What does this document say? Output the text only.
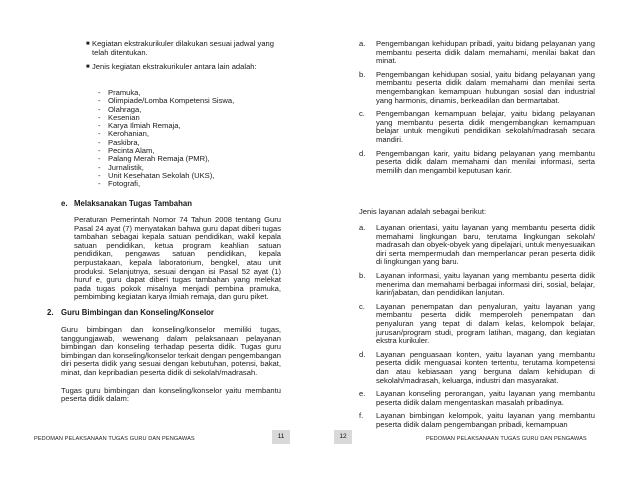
■ Kegiatan ekstrakurikuler dilakukan sesuai jadwal yang telah ditentukan.

■ Jenis kegiatan ekstrakurikuler antara lain adalah:

- Pramuka,
- Olimpiade/Lomba Kompetensi Siswa,
- Olahraga,
- Kesenian
- Karya Ilmiah Remaja,
- Kerohanian,
- Paskibra,
- Pecinta Alam,
- Palang Merah Remaja (PMR),
- Jurnalistik,
- Unit Kesehatan Sekolah (UKS),
- Fotografi,
e. Melaksanakan Tugas Tambahan

Peraturan Pemerintah Nomor 74 Tahun 2008 tentang Guru Pasal 24 ayat (7) menyatakan bahwa guru dapat diberi tugas tambahan sebagai kepala satuan pendidikan, wakil kepala satuan pendidikan, ketua program keahlian satuan pendidikan, pengawas satuan pendidikan, kepala perpustakaan, kepala laboratorium, bengkel, atau unit produksi. Selanjutnya, sesuai dengan isi Pasal 52 ayat (1) huruf e, guru dapat diberi tugas tambahan yang melekat pada tugas pokok misalnya menjadi pembina pramuka, pembimbing kegiatan karya ilmiah remaja, dan guru piket.

2. Guru Bimbingan dan Konseling/Konselor

Guru bimbingan dan konseling/konselor memiliki tugas, tanggungjawab, wewenang dalam pelaksanaan pelayanan bimbingan dan konseling terhadap peserta didik. Tugas guru bimbingan dan konseling/konselor terkait dengan pengembangan diri peserta didik yang sesuai dengan kebutuhan, potensi, bakat, minat, dan kepribadian peserta didik di sekolah/madrasah.

Tugas guru bimbingan dan konseling/konselor yaitu membantu peserta didik dalam:

PEDOMAN PELAKSANAAN TUGAS GURU DAN PENGAWAS	11	12
a.	Pengembangan kehidupan pribadi, yaitu bidang pelayanan yang membantu peserta didik dalam memahami, menilai bakat dan minat.

b.	Pengembangan kehidupan sosial, yaitu bidang pelayanan yang membantu peserta didik dalam memahami dan menilai serta mengembangkan kemampuan hubungan sosial dan industrial yang harmonis, dinamis, berkeadilan dan bermartabat.

c.	Pengembangan kemampuan belajar, yaitu bidang pelayanan yang membantu peserta didik mengembangkan kemampuan belajar untuk mengikuti pendidikan sekolah/madrasah secara mandiri.

d.	Pengembangan karir, yaitu bidang pelayanan yang membantu peserta didik dalam memahami dan menilai informasi, serta memilih dan mengambil keputusan karir.

Jenis layanan adalah sebagai berikut:

a.	Layanan orientasi, yaitu layanan yang membantu peserta didik memahami lingkungan baru, terutama lingkungan sekolah/ madrasah dan obyek-obyek yang dipelajari, untuk menyesuaikan diri serta mempermudah dan memperlancar peran peserta didik di lingkungan yang baru.

b.	Layanan informasi, yaitu layanan yang membantu peserta didik menerima dan memahami berbagai informasi diri, sosial, belajar, karir/jabatan, dan pendidikan lanjutan.

c.	Layanan penempatan dan penyaluran, yaitu layanan yang membantu peserta didik memperoleh penempatan dan penyaluran yang tepat di dalam kelas, kelompok belajar, jurusan/program studi, program latihan, magang, dan kegiatan ekstra kurikuler.

d.	Layanan penguasaan konten, yaitu layanan yang membantu peserta didik menguasai konten tertentu, terutama kompetensi dan atau kebiasaan yang berguna dalam kehidupan di sekolah/madrasah, keluarga, industri dan masyarakat.

e.	Layanan konseling perorangan, yaitu layanan yang membantu peserta didik dalam mengentaskan masalah pribadinya.

f.	Layanan bimbingan kelompok, yaitu layanan yang membantu peserta didik dalam pengembangan pribadi, kemampuan

PEDOMAN PELAKSANAAN TUGAS GURU DAN PENGAWAS
